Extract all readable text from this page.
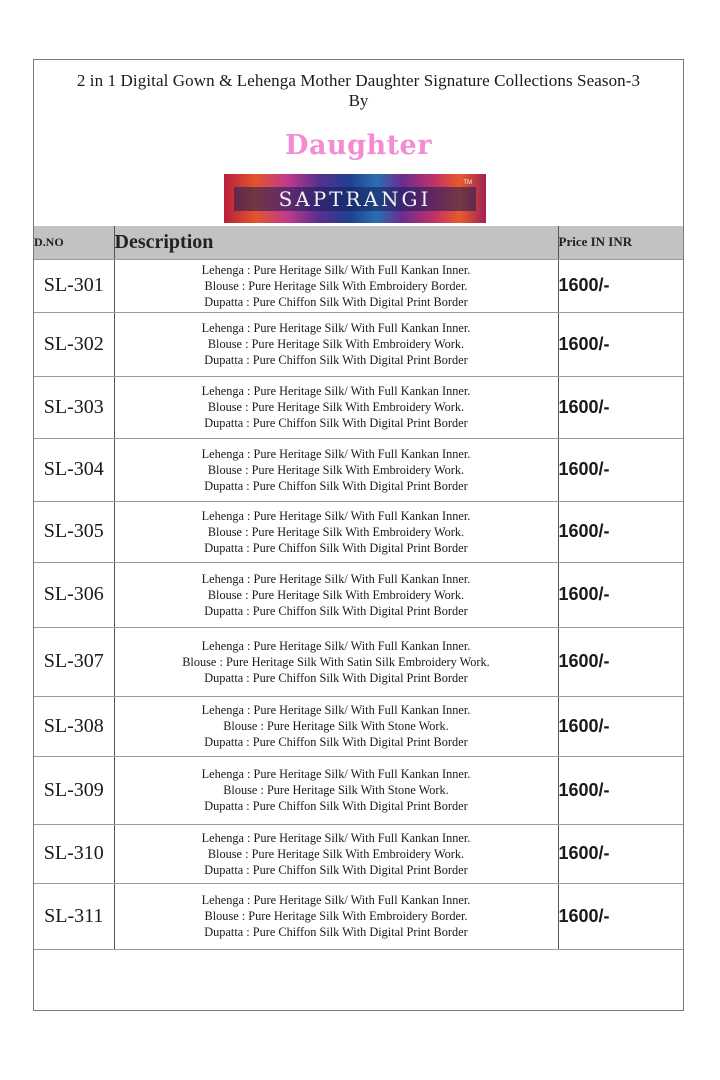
2 in 1 Digital Gown & Lehenga Mother Daughter Signature Collections Season-3
By
Daughter
SAPTRANGI
TM
D.NO	Description	Price IN INR
SL-301	Lehenga : Pure Heritage Silk/ With Full Kankan Inner.
Blouse : Pure Heritage Silk With Embroidery Border.
Dupatta : Pure Chiffon Silk With Digital Print Border	1600/-
SL-302	Lehenga : Pure Heritage Silk/ With Full Kankan Inner.
Blouse : Pure Heritage Silk With Embroidery Work.
Dupatta : Pure Chiffon Silk With Digital Print Border	1600/-
SL-303	Lehenga : Pure Heritage Silk/ With Full Kankan Inner.
Blouse : Pure Heritage Silk With Embroidery Work.
Dupatta : Pure Chiffon Silk With Digital Print Border	1600/-
SL-304	Lehenga : Pure Heritage Silk/ With Full Kankan Inner.
Blouse : Pure Heritage Silk With Embroidery Work.
Dupatta : Pure Chiffon Silk With Digital Print Border	1600/-
SL-305	Lehenga : Pure Heritage Silk/ With Full Kankan Inner.
Blouse : Pure Heritage Silk With Embroidery Work.
Dupatta : Pure Chiffon Silk With Digital Print Border	1600/-
SL-306	Lehenga : Pure Heritage Silk/ With Full Kankan Inner.
Blouse : Pure Heritage Silk With Embroidery Work.
Dupatta : Pure Chiffon Silk With Digital Print Border	1600/-
SL-307	Lehenga : Pure Heritage Silk/ With Full Kankan Inner.
Blouse : Pure Heritage Silk With Satin Silk Embroidery Work.
Dupatta : Pure Chiffon Silk With Digital Print Border	1600/-
SL-308	Lehenga : Pure Heritage Silk/ With Full Kankan Inner.
Blouse : Pure Heritage Silk With Stone Work.
Dupatta : Pure Chiffon Silk With Digital Print Border	1600/-
SL-309	Lehenga : Pure Heritage Silk/ With Full Kankan Inner.
Blouse : Pure Heritage Silk With Stone Work.
Dupatta : Pure Chiffon Silk With Digital Print Border	1600/-
SL-310	Lehenga : Pure Heritage Silk/ With Full Kankan Inner.
Blouse : Pure Heritage Silk With Embroidery Work.
Dupatta : Pure Chiffon Silk With Digital Print Border	1600/-
SL-311	Lehenga : Pure Heritage Silk/ With Full Kankan Inner.
Blouse : Pure Heritage Silk With Embroidery Border.
Dupatta : Pure Chiffon Silk With Digital Print Border	1600/-
